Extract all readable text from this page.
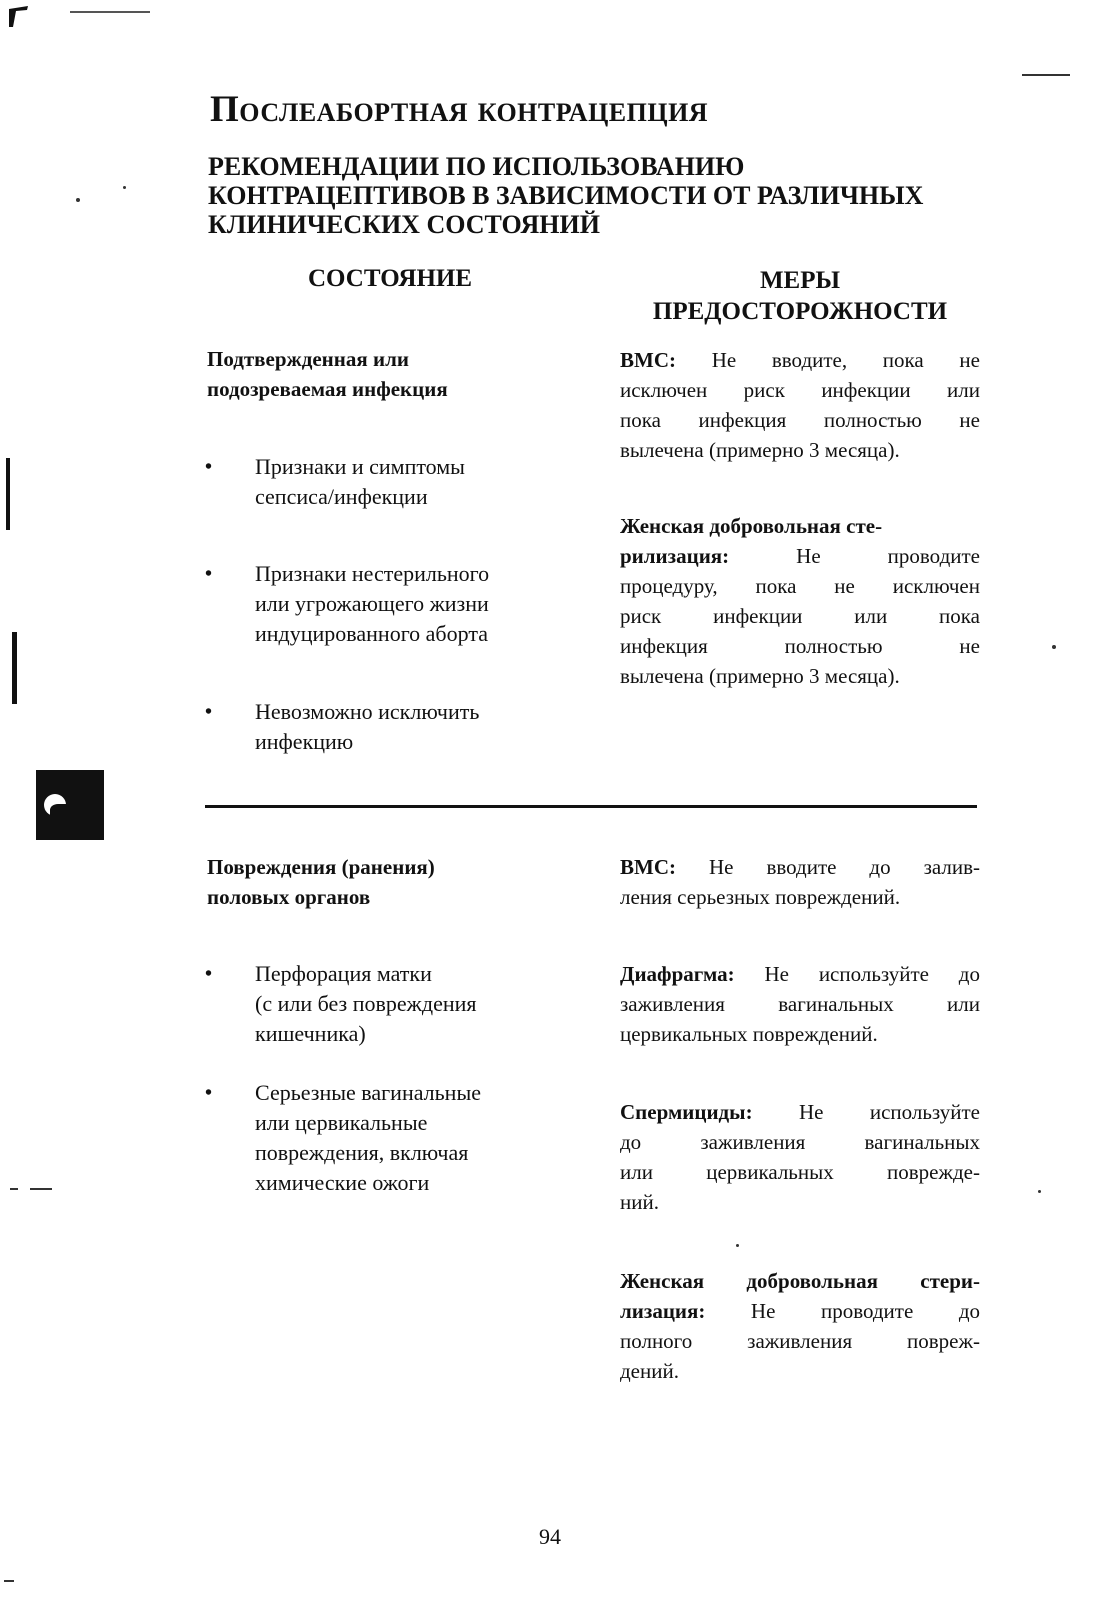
Послеабортная контрацепция
РЕКОМЕНДАЦИИ ПО ИСПОЛЬЗОВАНИЮ
КОНТРАЦЕПТИВОВ В ЗАВИСИМОСТИ ОТ РАЗЛИЧНЫХ
КЛИНИЧЕСКИХ СОСТОЯНИЙ
СОСТОЯНИЕ	МЕРЫ
ПРЕДОСТОРОЖНОСТИ
Подтвержденная или
подозреваемая инфекция
• Признаки и симптомы
сепсиса/инфекции
• Признаки нестерильного
или угрожающего жизни
индуцированного аборта
• Невозможно исключить
инфекцию
ВМС: Не вводите, пока не
исключен риск инфекции или
пока инфекция полностью не
вылечена (примерно 3 месяца).
Женская добровольная сте-
рилизация:	Не проводите
процедуру, пока не исключен
риск инфекции или пока
инфекция полностью не
вылечена (примерно 3 месяца).
Повреждения (ранения)
половых органов
• Перфорация матки
(с или без повреждения
кишечника)
• Серьезные вагинальные
или цервикальные
повреждения, включая
химические ожоги
ВМС: Не вводите до залив-
ления серьезных повреждений.
Диафрагма: Не используйте до
заживления вагинальных или
цервикальных повреждений.
Спермициды: Не используйте
до заживления вагинальных
или цервикальных поврежде-
ний.
Женская добровольная стери-
лизация: Не проводите до
полного заживления повреж-
дений.
94
